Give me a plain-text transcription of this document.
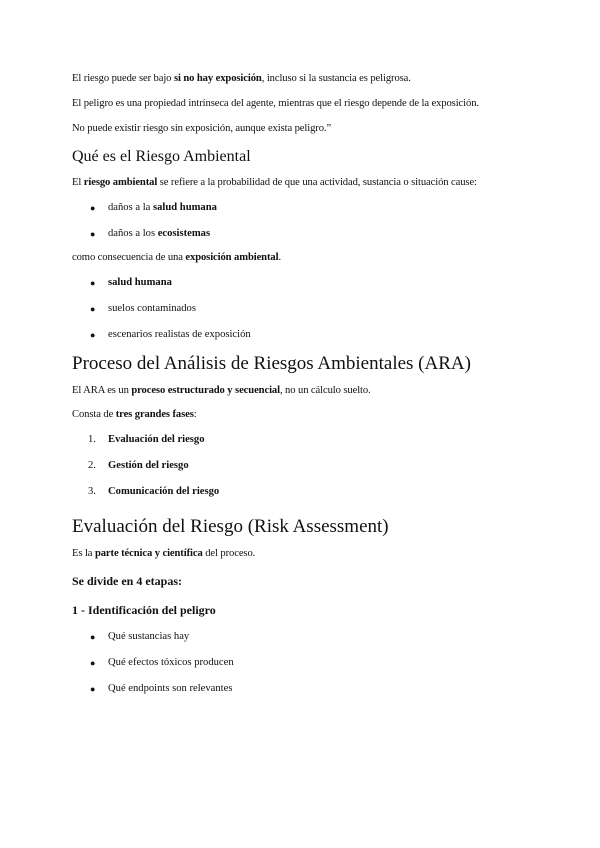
El riesgo puede ser bajo si no hay exposición, incluso si la sustancia es peligrosa.
El peligro es una propiedad intrínseca del agente, mientras que el riesgo depende de la exposición.
No puede existir riesgo sin exposición, aunque exista peligro.”
Qué es el Riesgo Ambiental
El riesgo ambiental se refiere a la probabilidad de que una actividad, sustancia o situación cause:
● daños a la salud humana
● daños a los ecosistemas
como consecuencia de una exposición ambiental.
● salud humana
● suelos contaminados
● escenarios realistas de exposición
Proceso del Análisis de Riesgos Ambientales (ARA)
El ARA es un proceso estructurado y secuencial, no un cálculo suelto.
Consta de tres grandes fases:
1. Evaluación del riesgo
2. Gestión del riesgo
3. Comunicación del riesgo
Evaluación del Riesgo (Risk Assessment)
Es la parte técnica y científica del proceso.
Se divide en 4 etapas:
1 - Identificación del peligro
● Qué sustancias hay
● Qué efectos tóxicos producen
● Qué endpoints son relevantes
